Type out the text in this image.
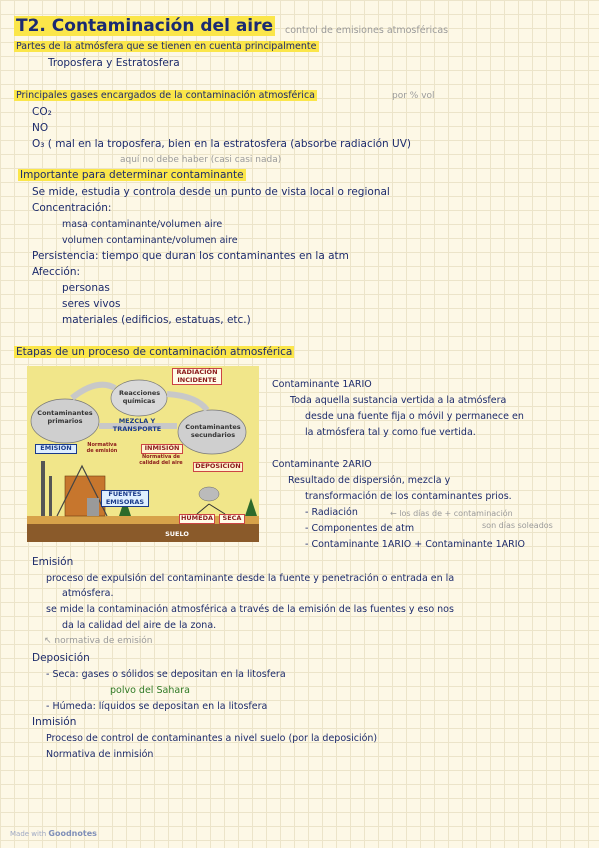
T2. Contaminación del aire control de emisiones atmosféricas
Partes de la atmósfera que se tienen en cuenta principalmente
Troposfera y Estratosfera
Principales gases encargados de la contaminación atmosférica	por % vol
CO₂
NO
O₃ ( mal en la troposfera, bien en la estratosfera (absorbe radiación UV)
aquí no debe haber (casi casi nada)
Importante para determinar contaminante
Se mide, estudia y controla desde un punto de vista local o regional
Concentración:
masa contaminante/volumen aire
volumen contaminante/volumen aire
Persistencia: tiempo que duran los contaminantes en la atm
Afección:
personas
seres vivos
materiales (edificios, estatuas, etc.)
Etapas de un proceso de contaminación atmosférica
RADIACIÓN INCIDENTE
Reacciones químicas
Contaminantes primarios	MEZCLA Y TRANSPORTE	Contaminantes secundarios
EMISIÓN	Normativa de emisión	INMISIÓN
Normativa de calidad del aire	DEPOSICIÓN
FUENTES EMISORAS
HÚMEDA	SECA
SUELO
Contaminante 1ARIO
Toda aquella sustancia vertida a la atmósfera
desde una fuente fija o móvil y permanece en
la atmósfera tal y como fue vertida.
Contaminante 2ARIO
Resultado de dispersión, mezcla y
transformación de los contaminantes prios.
- Radiación	← los días de + contaminación
- Componentes de atm	son días soleados
- Contaminante 1ARIO + Contaminante 1ARIO
Emisión
proceso de expulsión del contaminante desde la fuente y penetración o entrada en la
atmósfera.
se mide la contaminación atmosférica a través de la emisión de las fuentes y eso nos
da la calidad del aire de la zona.
↖ normativa de emisión
Deposición
- Seca: gases o sólidos se depositan en la litosfera
polvo del Sahara
- Húmeda: líquidos se depositan en la litosfera
Inmisión
Proceso de control de contaminantes a nivel suelo (por la deposición)
Normativa de inmisión
Made with Goodnotes
